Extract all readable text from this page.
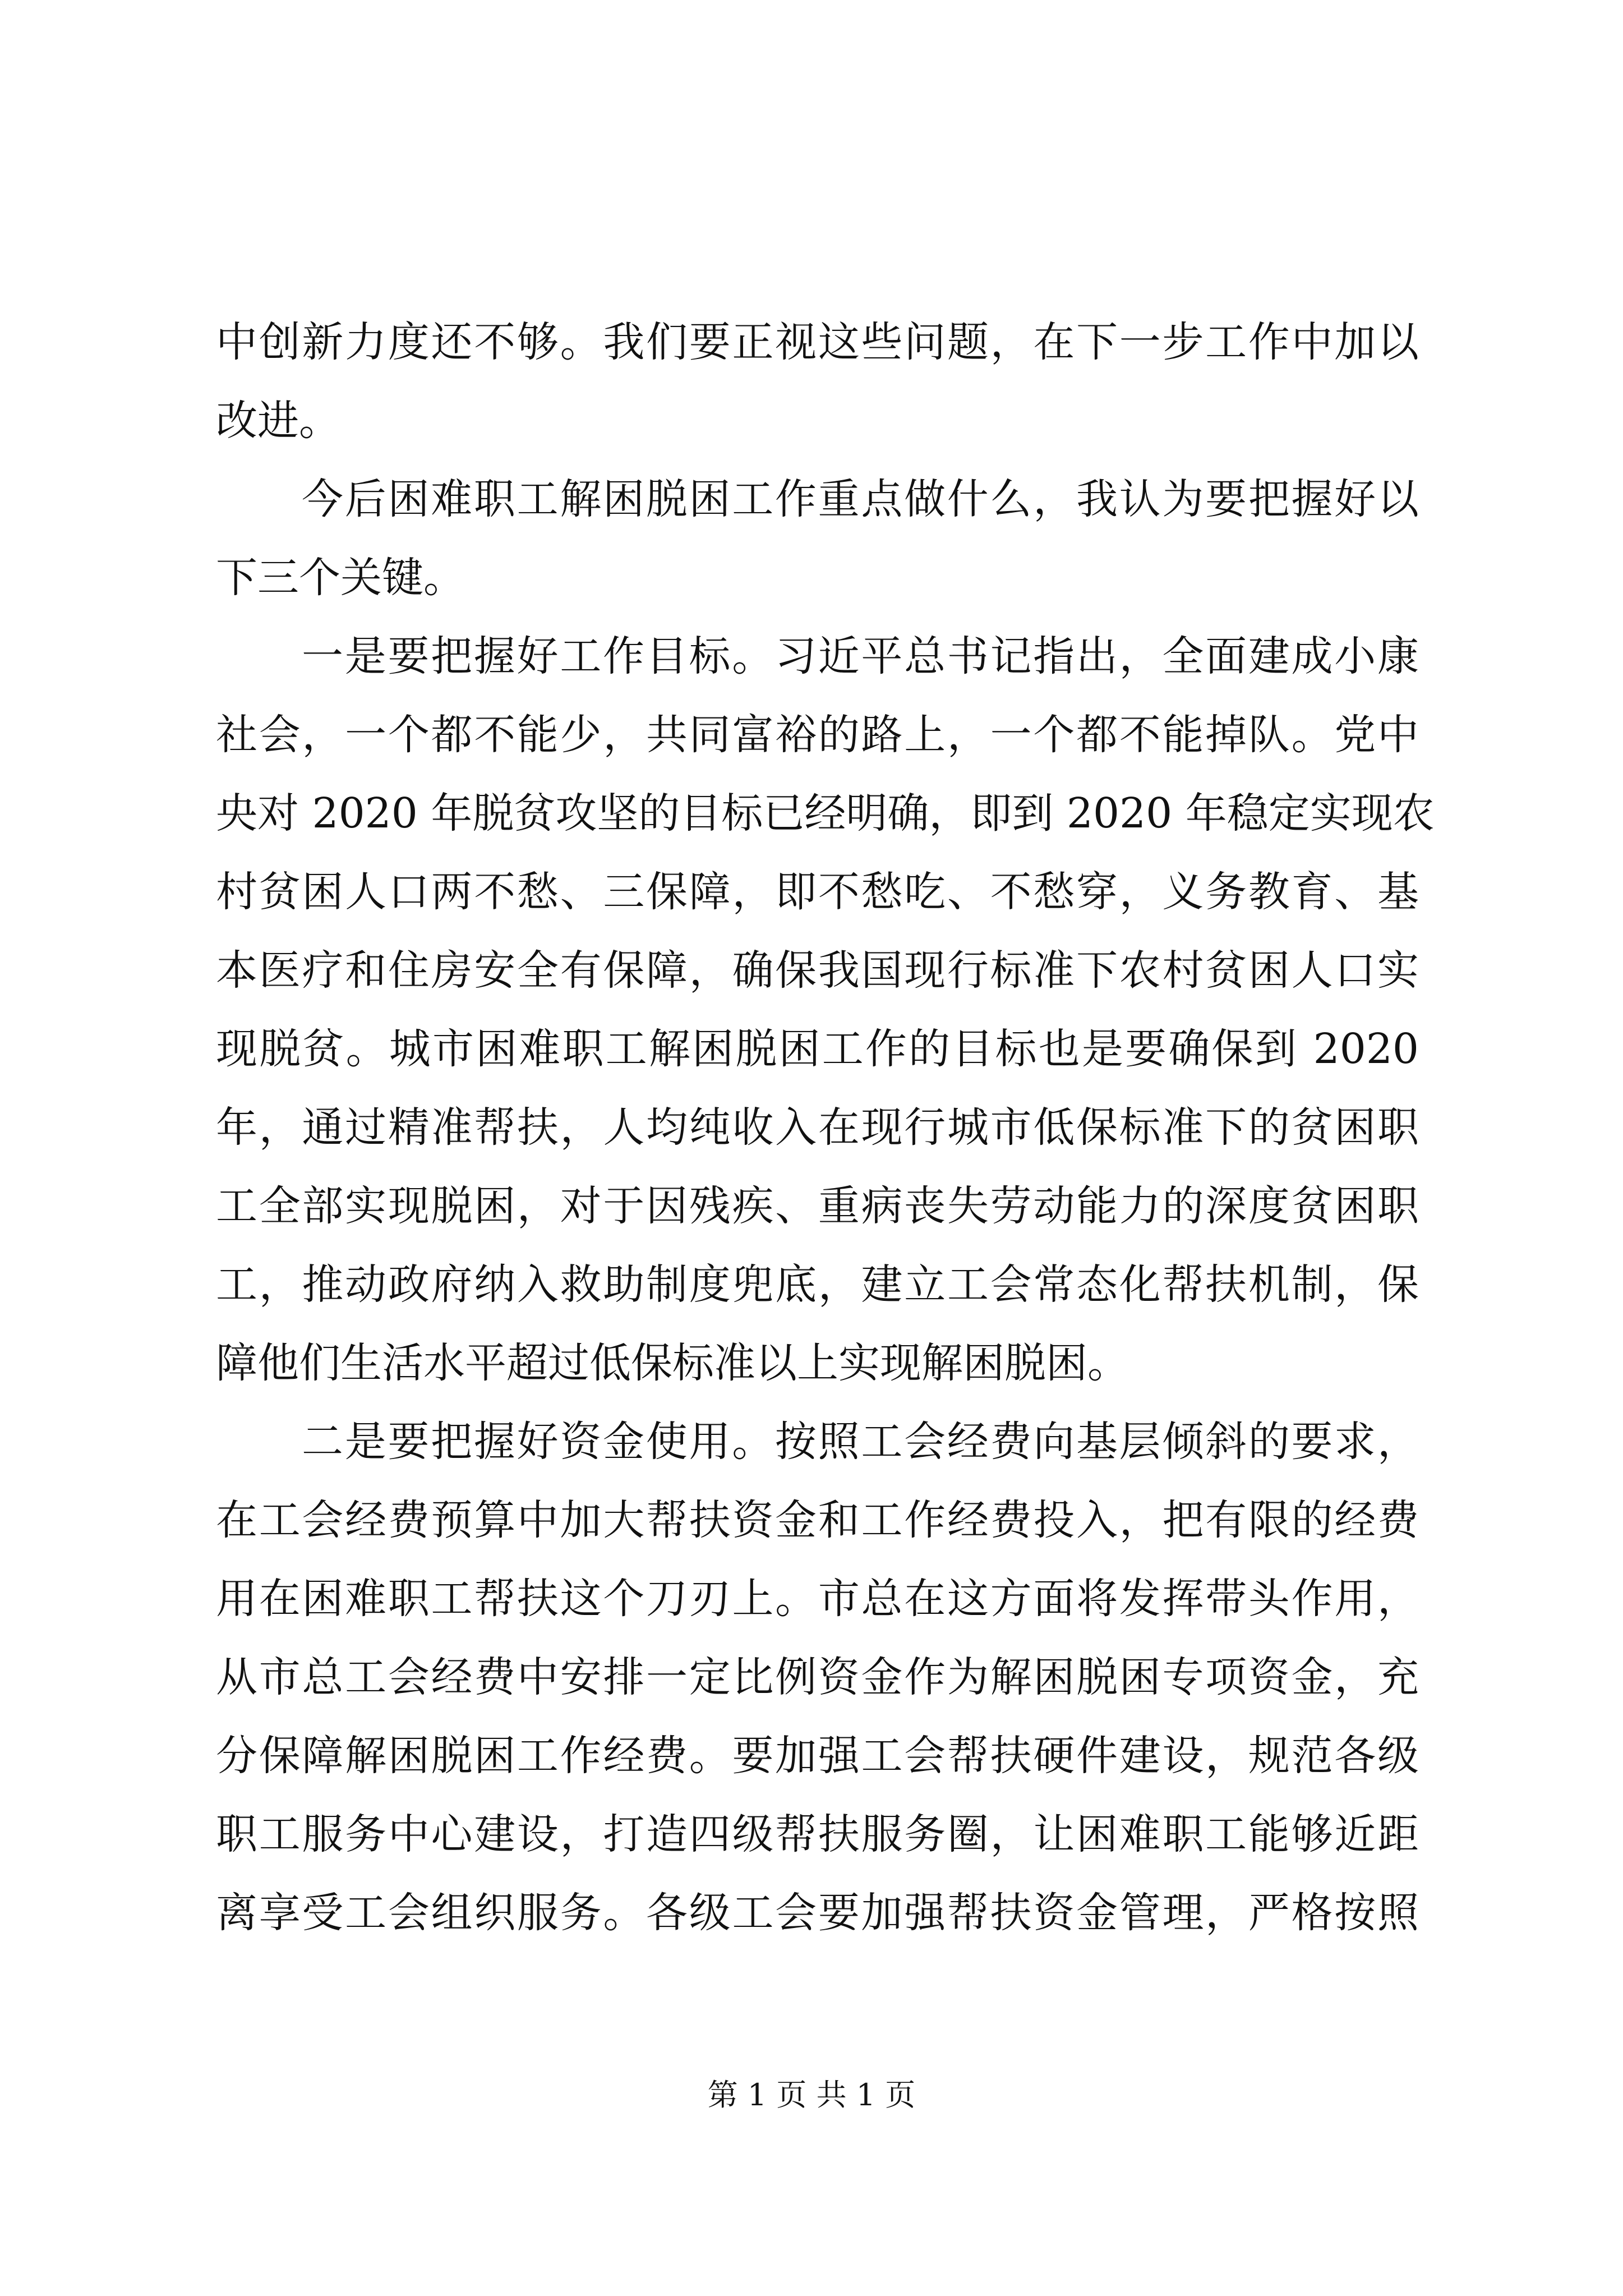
中创新力度还不够。我们要正视这些问题，在下一步工作中加以
改进。
今后困难职工解困脱困工作重点做什么，我认为要把握好以
下三个关键。
一是要把握好工作目标。习近平总书记指出，全面建成小康
社会，一个都不能少，共同富裕的路上，一个都不能掉队。党中
央对 2020 年脱贫攻坚的目标已经明确，即到 2020 年稳定实现农
村贫困人口两不愁、三保障，即不愁吃、不愁穿，义务教育、基
本医疗和住房安全有保障，确保我国现行标准下农村贫困人口实
现脱贫。城市困难职工解困脱困工作的目标也是要确保到 2020
年，通过精准帮扶，人均纯收入在现行城市低保标准下的贫困职
工全部实现脱困，对于因残疾、重病丧失劳动能力的深度贫困职
工，推动政府纳入救助制度兜底，建立工会常态化帮扶机制，保
障他们生活水平超过低保标准以上实现解困脱困。
二是要把握好资金使用。按照工会经费向基层倾斜的要求，
在工会经费预算中加大帮扶资金和工作经费投入，把有限的经费
用在困难职工帮扶这个刀刃上。市总在这方面将发挥带头作用，
从市总工会经费中安排一定比例资金作为解困脱困专项资金，充
分保障解困脱困工作经费。要加强工会帮扶硬件建设，规范各级
职工服务中心建设，打造四级帮扶服务圈，让困难职工能够近距
离享受工会组织服务。各级工会要加强帮扶资金管理，严格按照
第 1 页 共 1 页
